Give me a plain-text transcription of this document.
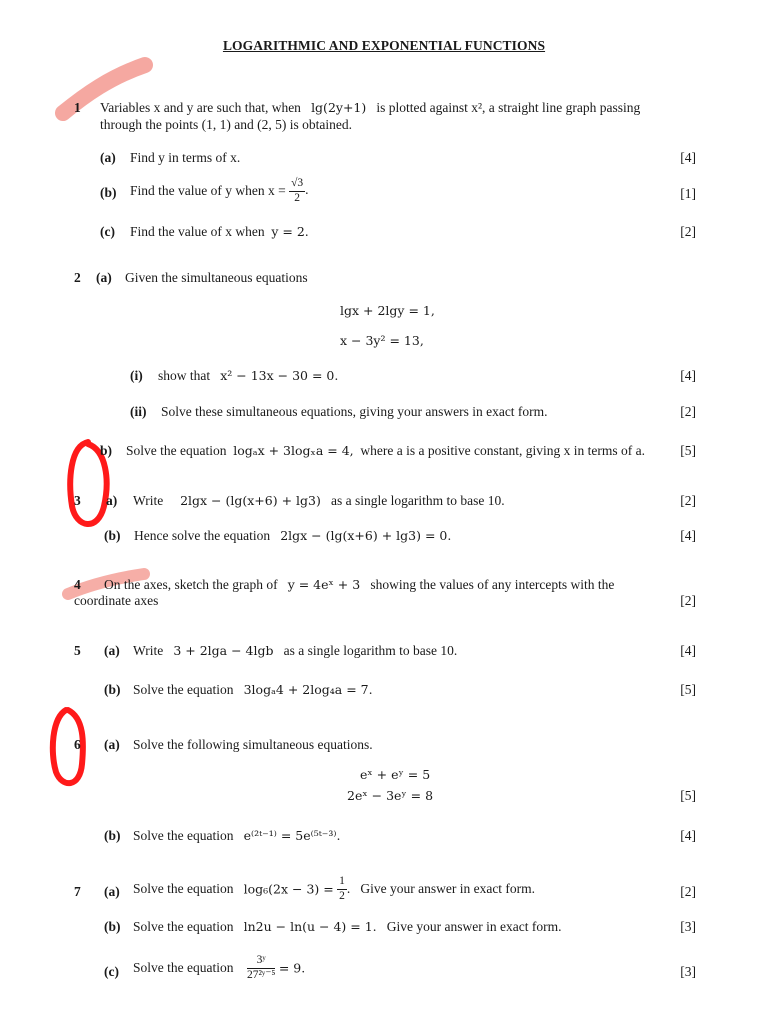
LOGARITHMIC AND EXPONENTIAL FUNCTIONS
1 Variables x and y are such that, when lg(2y+1) is plotted against x², a straight line graph passing
through the points (1, 1) and (2, 5) is obtained.
(a) Find y in terms of x.	[4]
(b) Find the value of y when $x = \frac{√3}{2}$ .	[1]
(c) Find the value of x when y = 2.	[2]
2 (a) Given the simultaneous equations
lgx + 2lgy = 1,
x − 3y² = 13,
(i) show that x² − 13x − 30 = 0.	[4]
(ii) Solve these simultaneous equations, giving your answers in exact form.	[2]
b) Solve the equation logₐx + 3logₓa = 4, where a is a positive constant, giving x in terms of a.	[5]
3 a) Write 2lgx − (lg(x+6) + lg3) as a single logarithm to base 10.	[2]
(b) Hence solve the equation 2lgx − (lg(x+6) + lg3) = 0.	[4]
4 On the axes, sketch the graph of y = 4eˣ + 3 showing the values of any intercepts with the
coordinate axes	[2]
5 (a) Write 3 + 2lga − 4lgb as a single logarithm to base 10.	[4]
(b) Solve the equation 3logₐ4 + 2log₄a = 7.	[5]
6 (a) Solve the following simultaneous equations.
eˣ + eʸ = 5
2eˣ − 3eʸ = 8	[5]
(b) Solve the equation e⁽²ᵗ⁻¹⁾ = 5e⁽⁵ᵗ⁻³⁾.	[4]
7 (a) Solve the equation $\log_6(2x - 3) = \frac{1}{2}$ .   Give your answer in exact form.	[2]
(b) Solve the equation ln2u − ln(u − 4) = 1. Give your answer in exact form.	[3]
(c) Solve the equation $\frac{\text{3ʸ}}{\text{27²ʸ⁻⁵}} = 9$.	[3]
